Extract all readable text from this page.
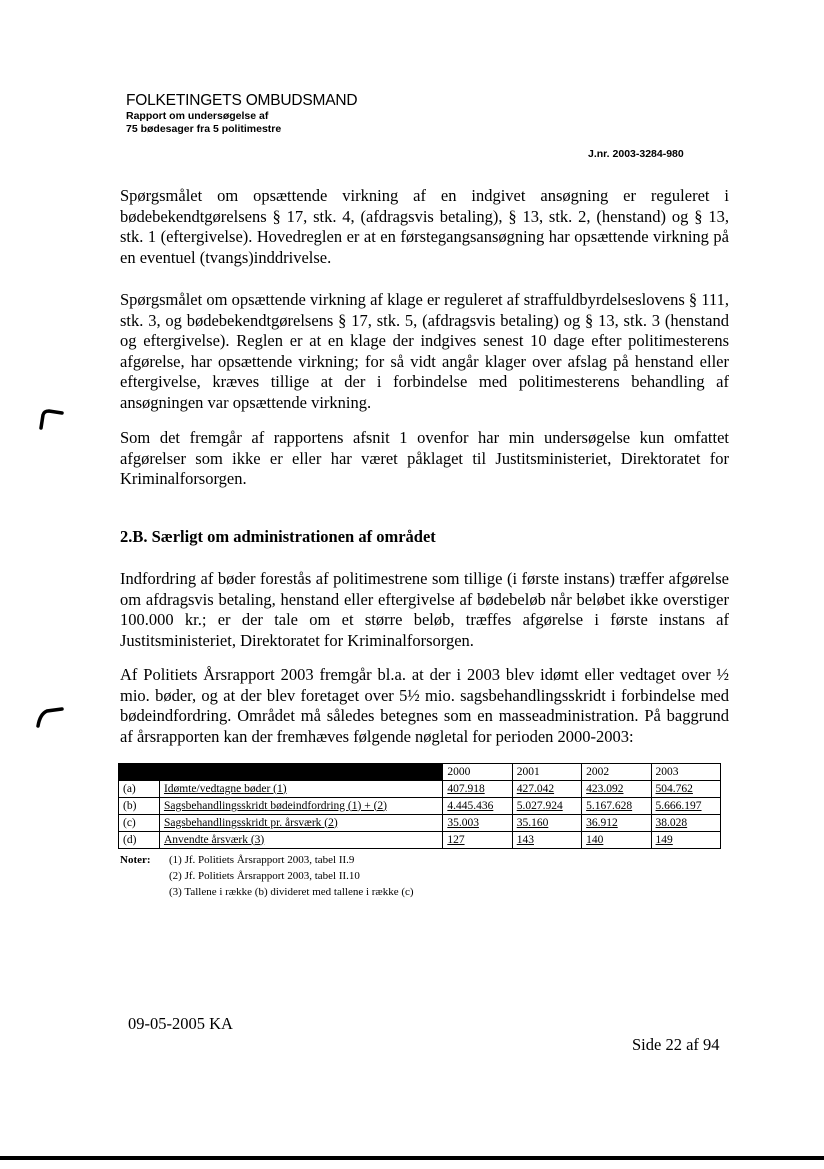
FOLKETINGETS OMBUDSMAND
Rapport om undersøgelse af
75 bødesager fra 5 politimestre
J.nr. 2003-3284-980

Spørgsmålet om opsættende virkning af en indgivet ansøgning er reguleret i bødebekendtgørelsens § 17, stk. 4, (afdragsvis betaling), § 13, stk. 2, (henstand) og § 13, stk. 1 (eftergivelse). Hovedreglen er at en førstegangsansøgning har opsættende virkning på en eventuel (tvangs)inddrivelse.

Spørgsmålet om opsættende virkning af klage er reguleret af straffuldbyrdelseslovens § 111, stk. 3, og bødebekendtgørelsens § 17, stk. 5, (afdragsvis betaling) og § 13, stk. 3 (henstand og eftergivelse). Reglen er at en klage der indgives senest 10 dage efter politimesterens afgørelse, har opsættende virkning; for så vidt angår klager over afslag på henstand eller eftergivelse, kræves tillige at der i forbindelse med politimesterens behandling af ansøgningen var opsættende virkning.

Som det fremgår af rapportens afsnit 1 ovenfor har min undersøgelse kun omfattet afgørelser som ikke er eller har været påklaget til Justitsministeriet, Direktoratet for Kriminalforsorgen.

2.B. Særligt om administrationen af området

Indfordring af bøder forestås af politimestrene som tillige (i første instans) træffer afgørelse om afdragsvis betaling, henstand eller eftergivelse af bødebeløb når beløbet ikke overstiger 100.000 kr.; er der tale om et større beløb, træffes afgørelse i første instans af Justitsministeriet, Direktoratet for Kriminalforsorgen.

Af Politiets Årsrapport 2003 fremgår bl.a. at der i 2003 blev idømt eller vedtaget over ½ mio. bøder, og at der blev foretaget over 5½ mio. sagsbehandlingsskridt i forbindelse med bødeindfordring. Området må således betegnes som en masseadministration. På baggrund af årsrapporten kan der fremhæves følgende nøgletal for perioden 2000-2003:

		2000	2001	2002	2003
(a)	Idømte/vedtagne bøder (1)	407.918	427.042	423.092	504.762
(b)	Sagsbehandlingsskridt bødeindfordring (1) + (2)	4.445.436	5.027.924	5.167.628	5.666.197
(c)	Sagsbehandlingsskridt pr. årsværk (2)	35.003	35.160	36.912	38.028
(d)	Anvendte årsværk (3)	127	143	140	149
Noter: (1) Jf. Politiets Årsrapport 2003, tabel II.9
(2) Jf. Politiets Årsrapport 2003, tabel II.10
(3) Tallene i række (b) divideret med tallene i række (c)
09-05-2005 KA
Side 22 af 94
